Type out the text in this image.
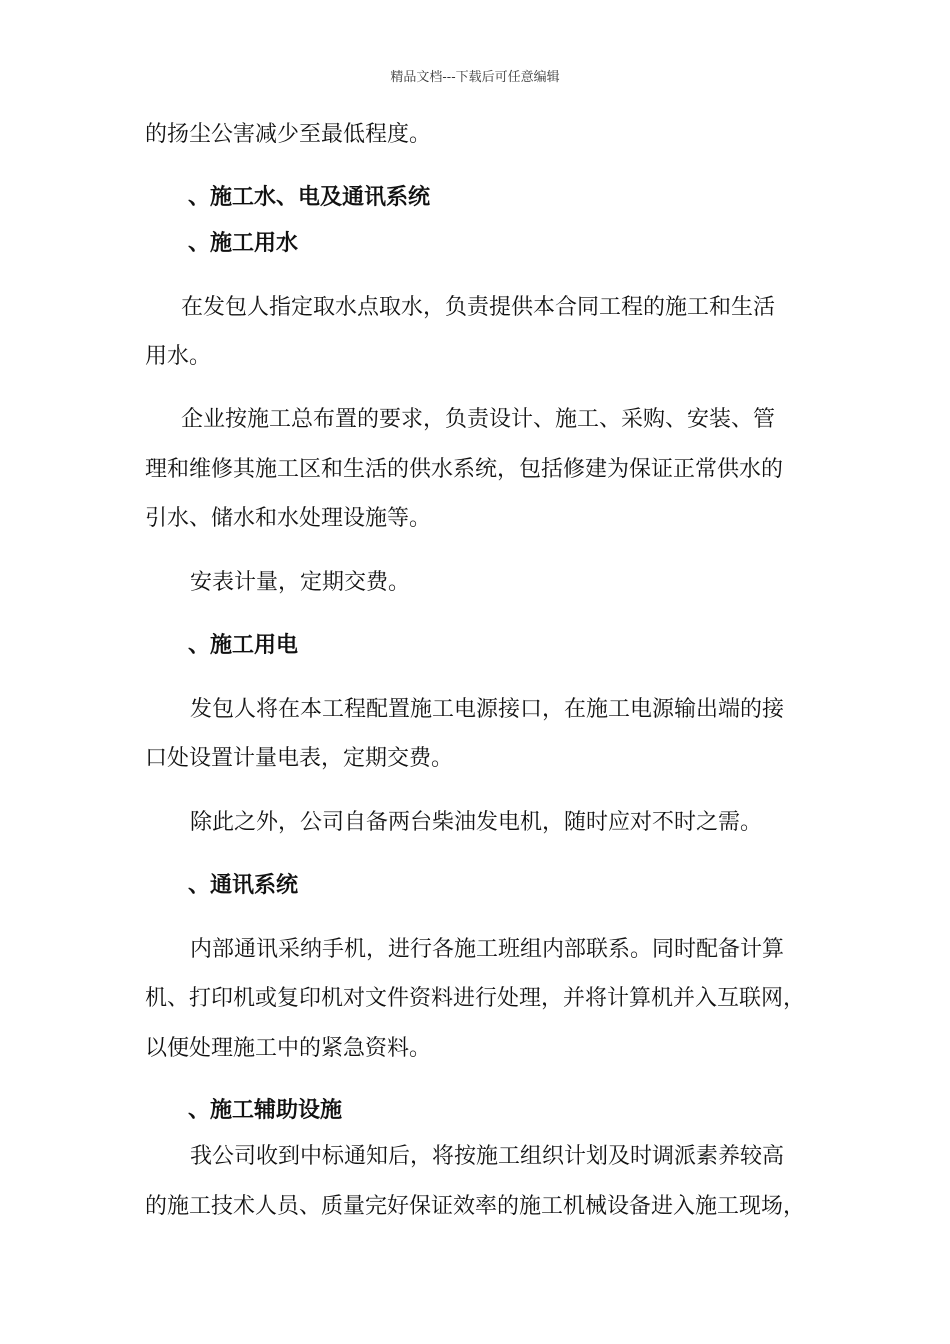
精品文档---下载后可任意编辑
的扬尘公害减少至最低程度。
、施工水、电及通讯系统
、施工用水
在发包人指定取水点取水，负责提供本合同工程的施工和生活
用水。
企业按施工总布置的要求，负责设计、施工、采购、安装、管
理和维修其施工区和生活的供水系统，包括修建为保证正常供水的
引水、储水和水处理设施等。
安表计量，定期交费。
、施工用电
发包人将在本工程配置施工电源接口，在施工电源输出端的接
口处设置计量电表，定期交费。
除此之外，公司自备两台柴油发电机，随时应对不时之需。
、通讯系统
内部通讯采纳手机，进行各施工班组内部联系。同时配备计算
机、打印机或复印机对文件资料进行处理，并将计算机并入互联网，
以便处理施工中的紧急资料。
、施工辅助设施
我公司收到中标通知后，将按施工组织计划及时调派素养较高
的施工技术人员、质量完好保证效率的施工机械设备进入施工现场，
